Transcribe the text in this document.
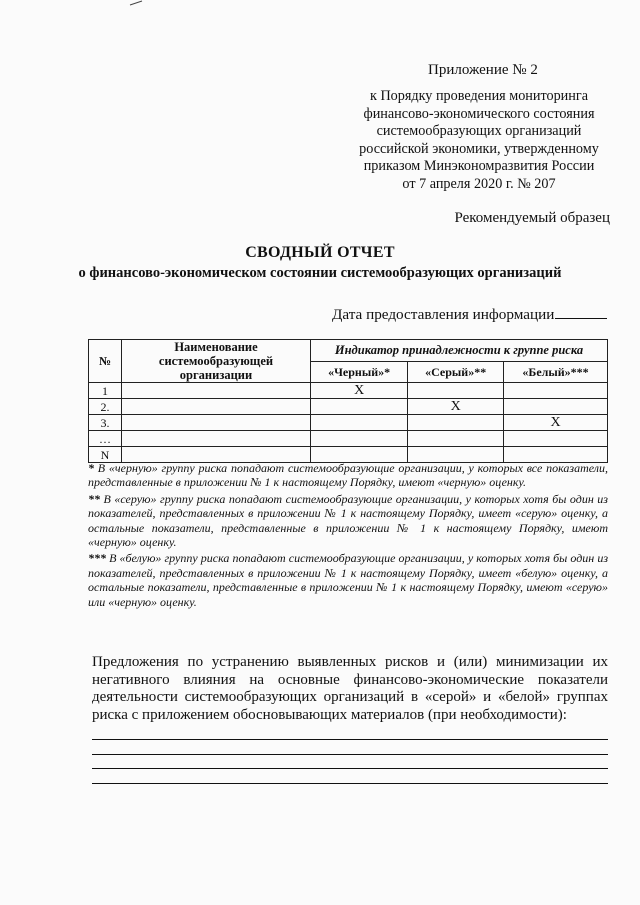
Приложение № 2
к Порядку проведения мониторинга
финансово-экономического состояния
системообразующих организаций
российской экономики, утвержденному
приказом Минэкономразвития России
от 7 апреля 2020 г. № 207
Рекомендуемый образец
СВОДНЫЙ ОТЧЕТ
о финансово-экономическом состоянии системообразующих организаций
Дата предоставления информации
№	Наименование системообразующей организации	Индикатор принадлежности к группе риска		
		«Черный»*	«Серый»**	«Белый»***
1		X		
2.			X	
3.				X
…				
N				

* В «черную» группу риска попадают системообразующие организации, у которых все показатели, представленные в приложении № 1 к настоящему Порядку, имеют «черную» оценку.

** В «серую» группу риска попадают системообразующие организации, у которых хотя бы один из показателей, представленных в приложении № 1 к настоящему Порядку, имеет «серую» оценку, а остальные показатели, представленные в приложении № 1 к настоящему Порядку, имеют «черную» оценку.

*** В «белую» группу риска попадают системообразующие организации, у которых хотя бы один из показателей, представленных в приложении № 1 к настоящему Порядку, имеет «белую» оценку, а остальные показатели, представленные в приложении № 1 к настоящему Порядку, имеют «серую» или «черную» оценку.

Предложения по устранению выявленных рисков и (или) минимизации их негативного влияния на основные финансово-экономические показатели деятельности системообразующих организаций в «серой» и «белой» группах риска с приложением обосновывающих материалов (при необходимости):
